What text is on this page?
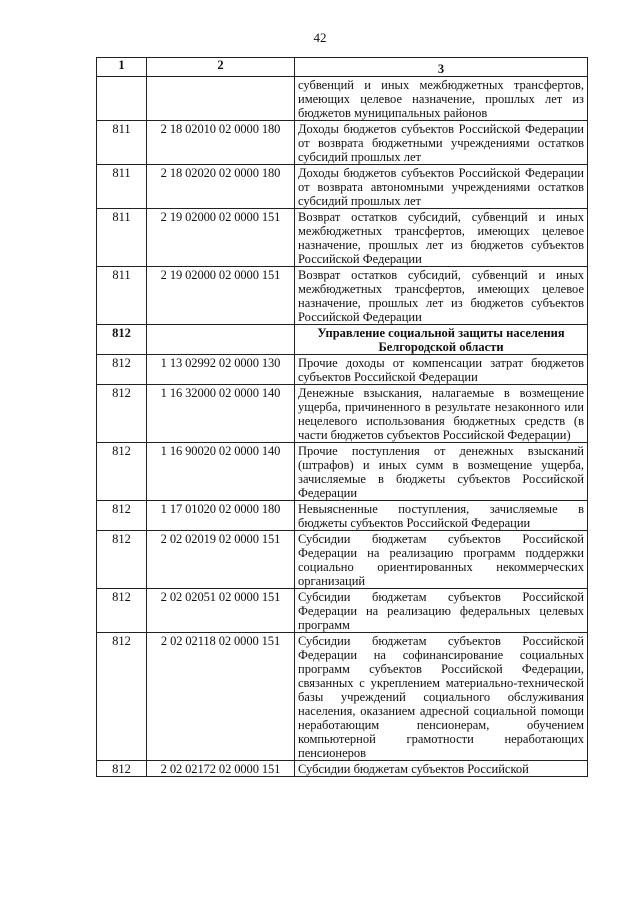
42
1	2	3
		субвенций и иных межбюджетных трансфертов, имеющих целевое назначение, прошлых лет из бюджетов муниципальных районов
811	2 18 02010 02 0000 180	Доходы бюджетов субъектов Российской Федерации от возврата бюджетными учреждениями остатков субсидий прошлых лет
811	2 18 02020 02 0000 180	Доходы бюджетов субъектов Российской Федерации от возврата автономными учреждениями остатков субсидий прошлых лет
811	2 19 02000 02 0000 151	Возврат остатков субсидий, субвенций и иных межбюджетных трансфертов, имеющих целевое назначение, прошлых лет из бюджетов субъектов Российской Федерации
811	2 19 02000 02 0000 151	Возврат остатков субсидий, субвенций и иных межбюджетных трансфертов, имеющих целевое назначение, прошлых лет из бюджетов субъектов Российской Федерации
812		Управление социальной защиты населения Белгородской области
812	1 13 02992 02 0000 130	Прочие доходы от компенсации затрат бюджетов субъектов Российской Федерации
812	1 16 32000 02 0000 140	Денежные взыскания, налагаемые в возмещение ущерба, причиненного в результате незаконного или нецелевого использования бюджетных средств (в части бюджетов субъектов Российской Федерации)
812	1 16 90020 02 0000 140	Прочие поступления от денежных взысканий (штрафов) и иных сумм в возмещение ущерба, зачисляемые в бюджеты субъектов Российской Федерации
812	1 17 01020 02 0000 180	Невыясненные поступления, зачисляемые в бюджеты субъектов Российской Федерации
812	2 02 02019 02 0000 151	Субсидии бюджетам субъектов Российской Федерации на реализацию программ поддержки социально ориентированных некоммерческих организаций
812	2 02 02051 02 0000 151	Субсидии бюджетам субъектов Российской Федерации на реализацию федеральных целевых программ
812	2 02 02118 02 0000 151	Субсидии бюджетам субъектов Российской Федерации на софинансирование социальных программ субъектов Российской Федерации, связанных с укреплением материально-технической базы учреждений социального обслуживания населения, оказанием адресной социальной помощи неработающим пенсионерам, обучением компьютерной грамотности неработающих пенсионеров
812	2 02 02172 02 0000 151	Субсидии бюджетам субъектов Российской
